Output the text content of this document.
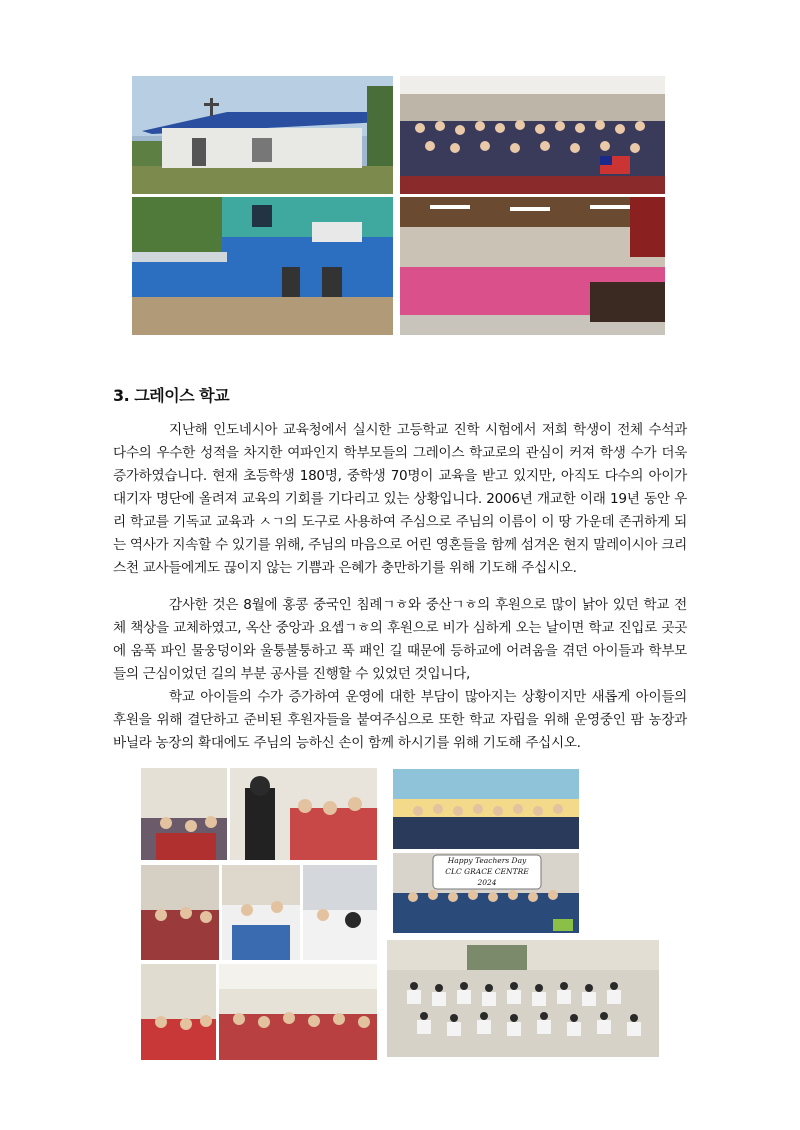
3. 그레이스 학교

지난해 인도네시아 교육청에서 실시한 고등학교 진학 시험에서 저희 학생이 전체 수석과 다수의 우수한 성적을 차지한 여파인지 학부모들의 그레이스 학교로의 관심이 커져 학생 수가 더욱 증가하였습니다. 현재 초등학생 180명, 중학생 70명이 교육을 받고 있지만, 아직도 다수의 아이가 대기자 명단에 올려져 교육의 기회를 기다리고 있는 상황입니다. 2006년 개교한 이래 19년 동안 우리 학교를 기독교 교육과 ㅅㄱ의 도구로 사용하여 주심으로 주님의 이름이 이 땅 가운데 존귀하게 되는 역사가 지속할 수 있기를 위해, 주님의 마음으로 어린 영혼들을 함께 섬겨온 현지 말레이시아 크리스천 교사들에게도 끊이지 않는 기쁨과 은혜가 충만하기를 위해 기도해 주십시오.

감사한 것은 8월에 홍콩 중국인 침례ㄱㅎ와 중산ㄱㅎ의 후원으로 많이 낡아 있던 학교 전체 책상을 교체하였고, 옥산 중앙과 요셉ㄱㅎ의 후원으로 비가 심하게 오는 날이면 학교 진입로 곳곳에 움푹 파인 물웅덩이와 울퉁불퉁하고 푹 패인 길 때문에 등하교에 어려움을 겪던 아이들과 학부모들의 근심이었던 길의 부분 공사를 진행할 수 있었던 것입니다,

학교 아이들의 수가 증가하여 운영에 대한 부담이 많아지는 상황이지만 새롭게 아이들의 후원을 위해 결단하고 준비된 후원자들을 붙여주심으로 또한 학교 자립을 위해 운영중인 팜 농장과 바닐라 농장의 확대에도 주님의 능하신 손이 함께 하시기를 위해 기도해 주십시오.

Happy Teachers Day
CLC GRACE CENTRE
2024
